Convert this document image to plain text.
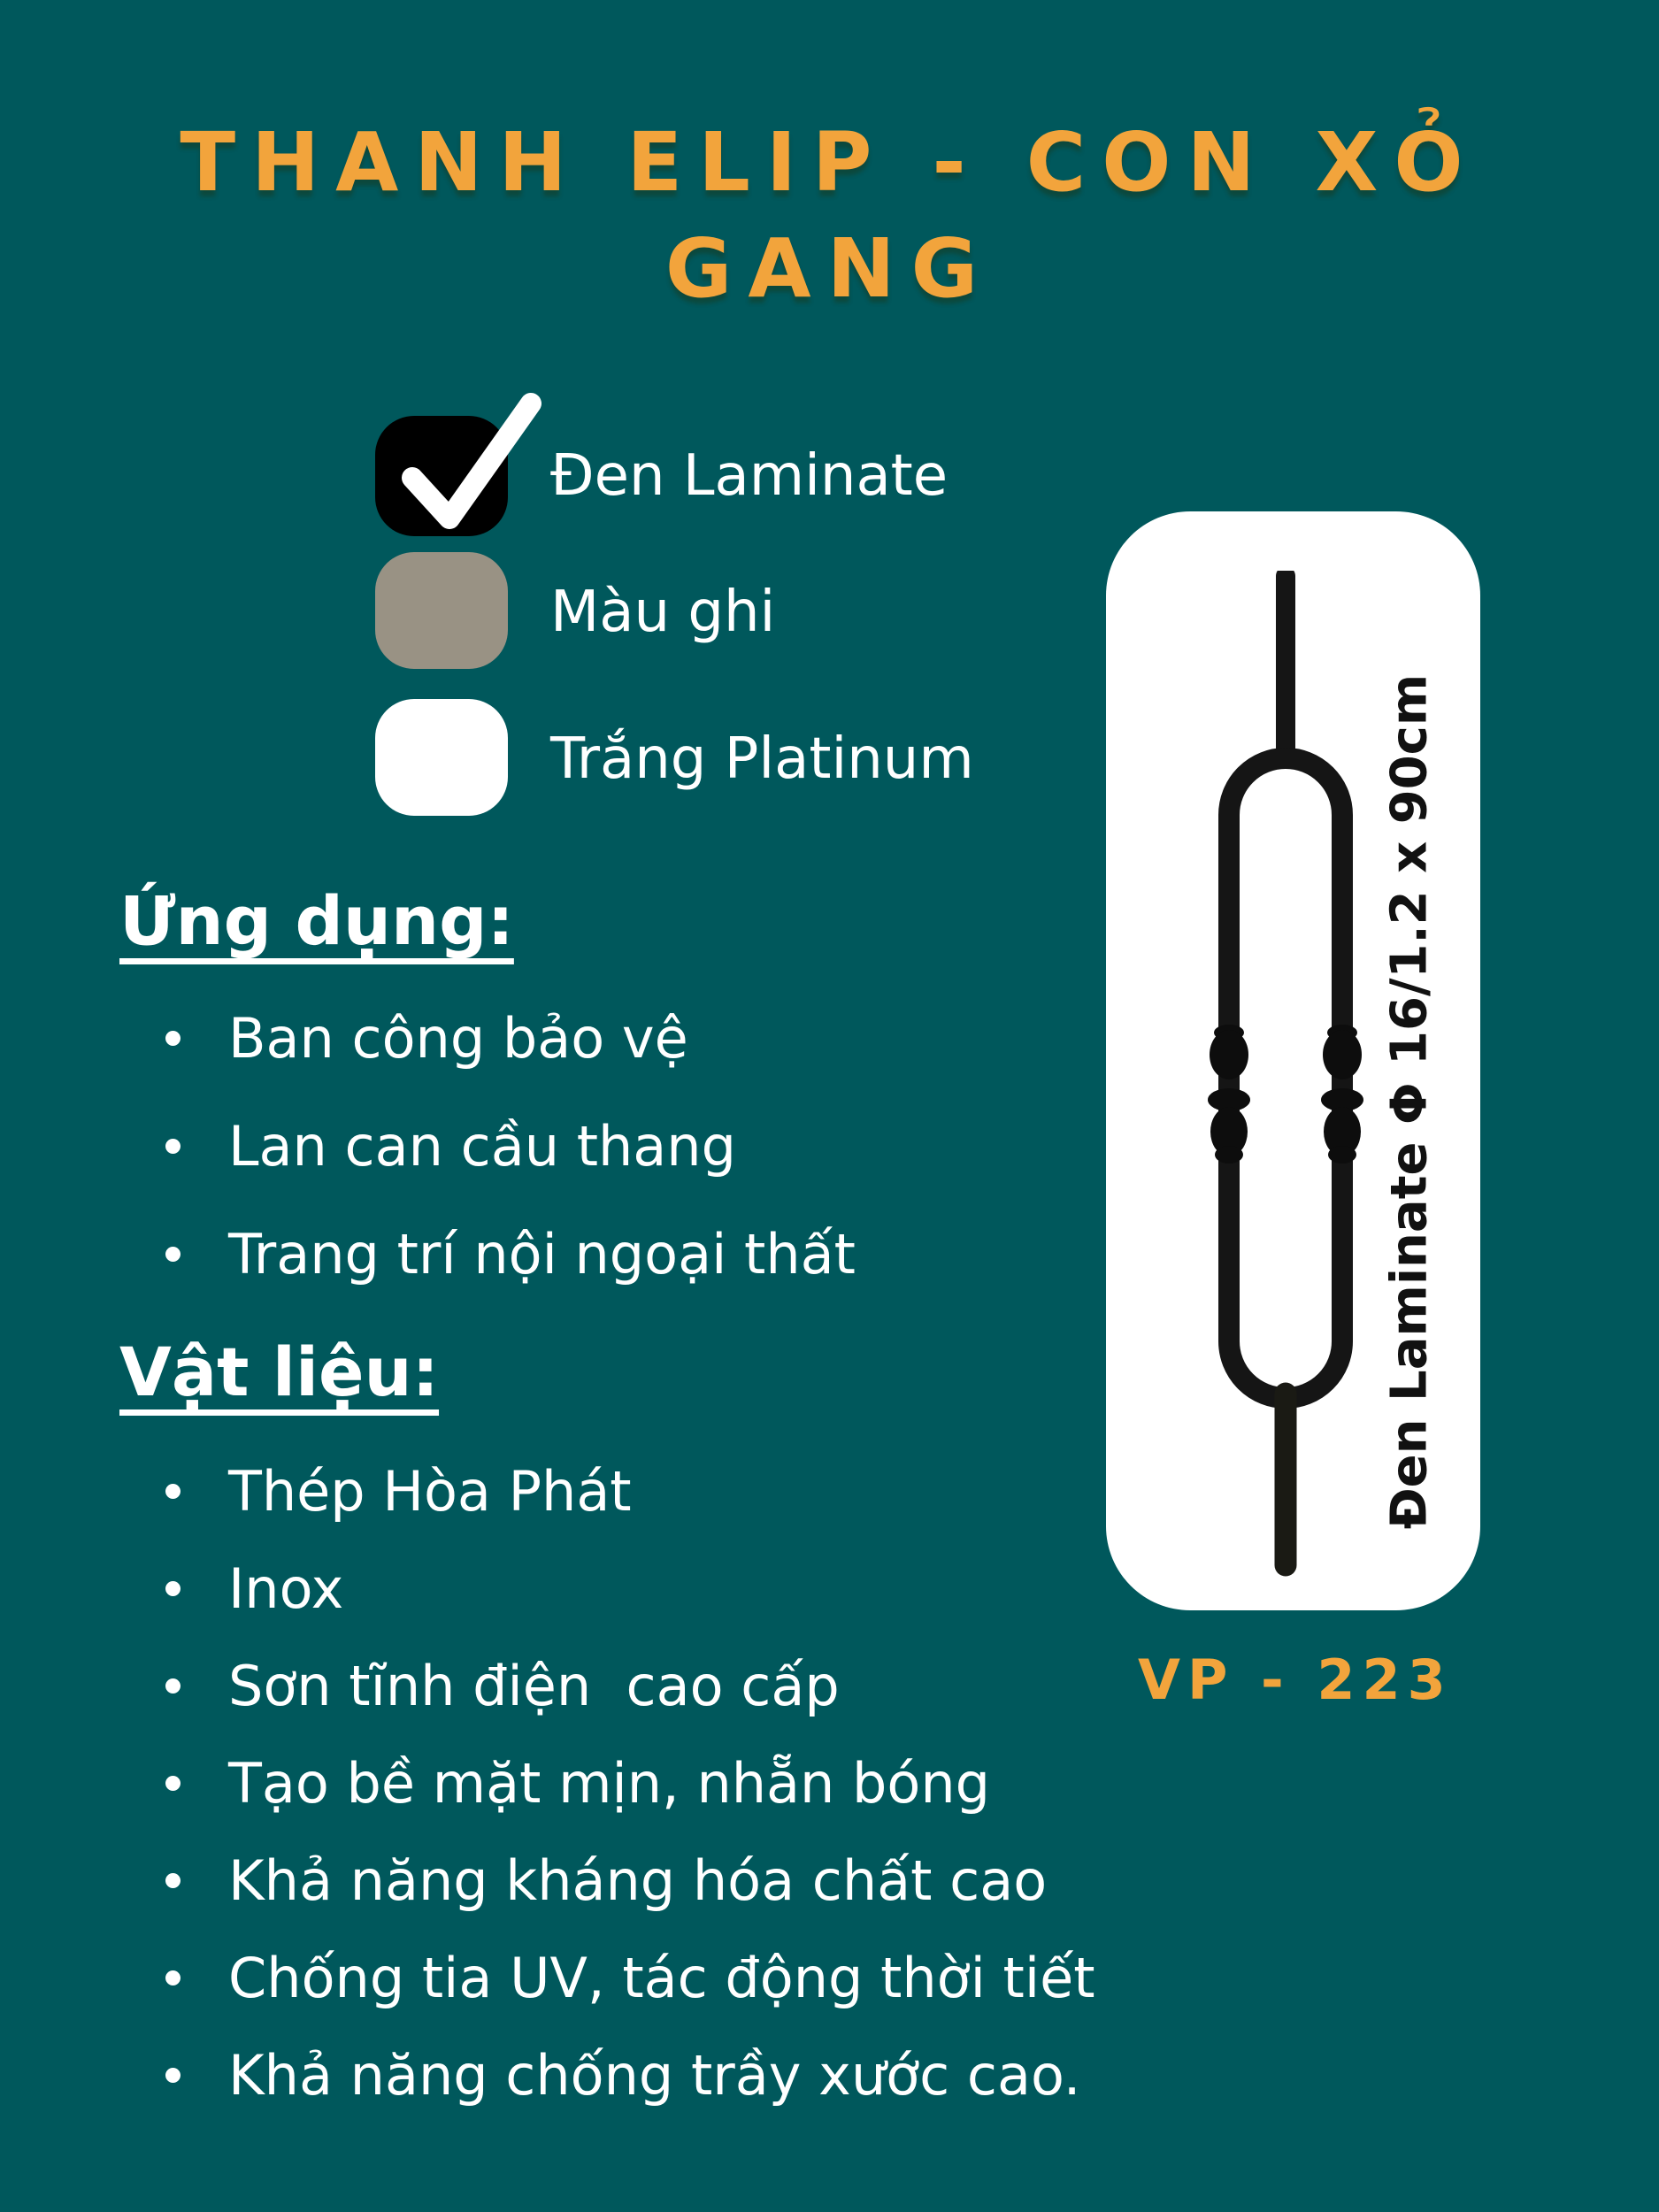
THANH ELIP - CON XỎ
GANG
Đen Laminate
Màu ghi
Trắng Platinum
Ứng dụng:
Ban công bảo vệ
Lan can cầu thang
Trang trí nội ngoại thất
Vật liệu:
Thép Hòa Phát
Inox
Sơn tĩnh điện  cao cấp
Tạo bề mặt mịn, nhẵn bóng
Khả năng kháng hóa chất cao
Chống tia UV, tác động thời tiết
Khả năng chống trầy xước cao.
Đen Laminate Φ 16/1.2 x 90cm
VP - 223
